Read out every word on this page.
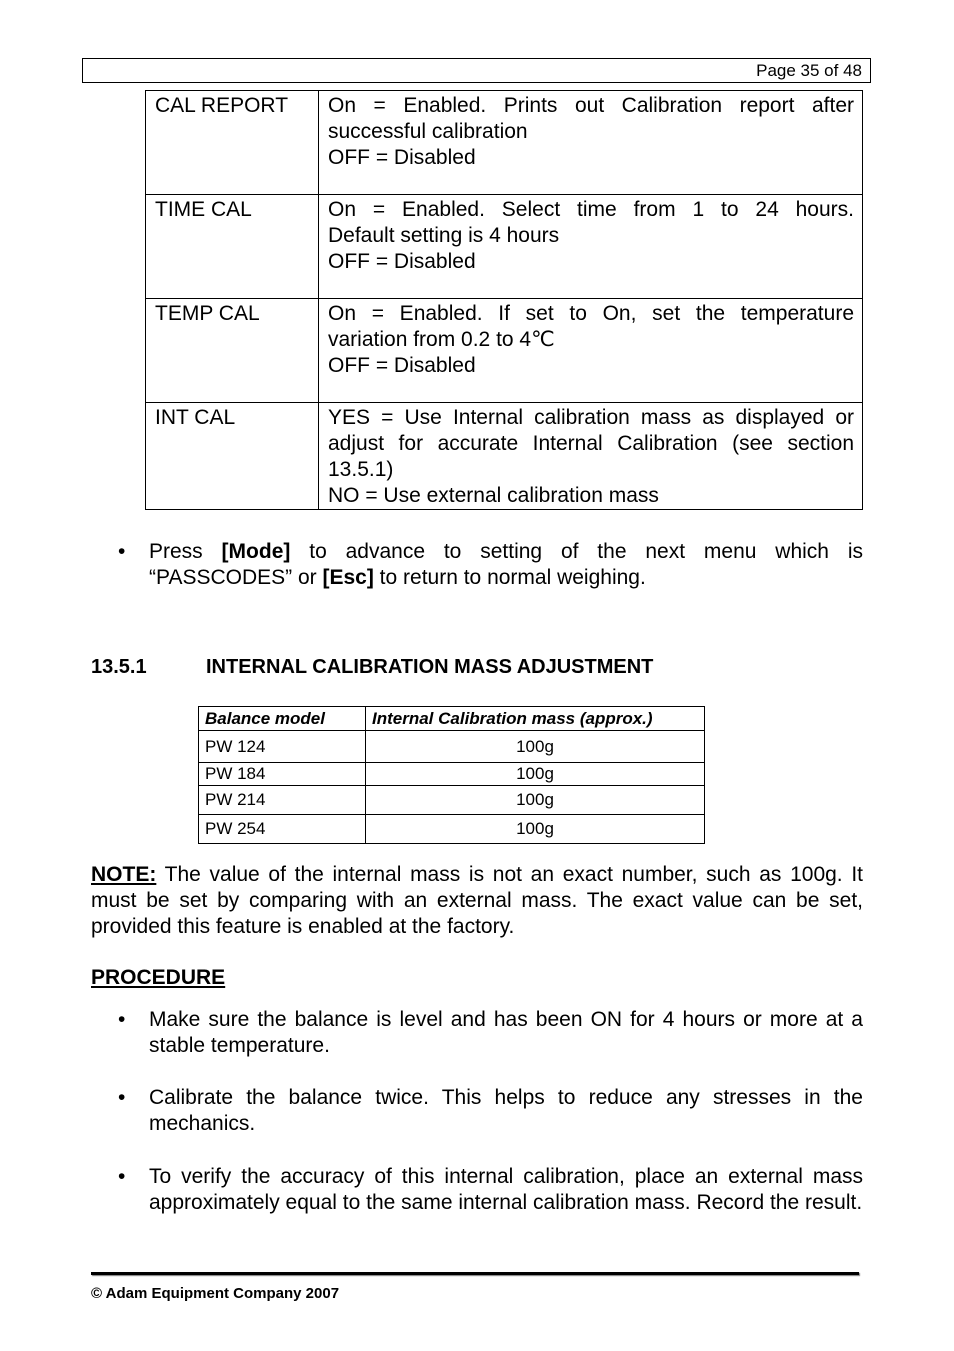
Page 35 of 48
CAL REPORT	On = Enabled. Prints out Calibration report after
successful calibration
OFF = Disabled

TIME CAL	On = Enabled. Select time from 1 to 24 hours.
Default setting is 4 hours
OFF = Disabled

TEMP CAL	On = Enabled. If set to On, set the temperature
variation from 0.2 to 4℃
OFF = Disabled

INT CAL	YES = Use Internal calibration mass as displayed or
adjust for accurate Internal Calibration (see section
13.5.1)
NO = Use external calibration mass
• Press [Mode] to advance to setting of the next menu which is
“PASSCODES” or [Esc] to return to normal weighing.
13.5.1	INTERNAL CALIBRATION MASS ADJUSTMENT
Balance model	Internal Calibration mass (approx.)
PW 124	100g
PW 184	100g
PW 214	100g
PW 254	100g
NOTE: The value of the internal mass is not an exact number, such as 100g. It must be set by comparing with an external mass. The exact value can be set, provided this feature is enabled at the factory.
PROCEDURE
• Make sure the balance is level and has been ON for 4 hours or more at a stable temperature.
• Calibrate the balance twice. This helps to reduce any stresses in the mechanics.
• To verify the accuracy of this internal calibration, place an external mass approximately equal to the same internal calibration mass. Record the result.
© Adam Equipment Company 2007
